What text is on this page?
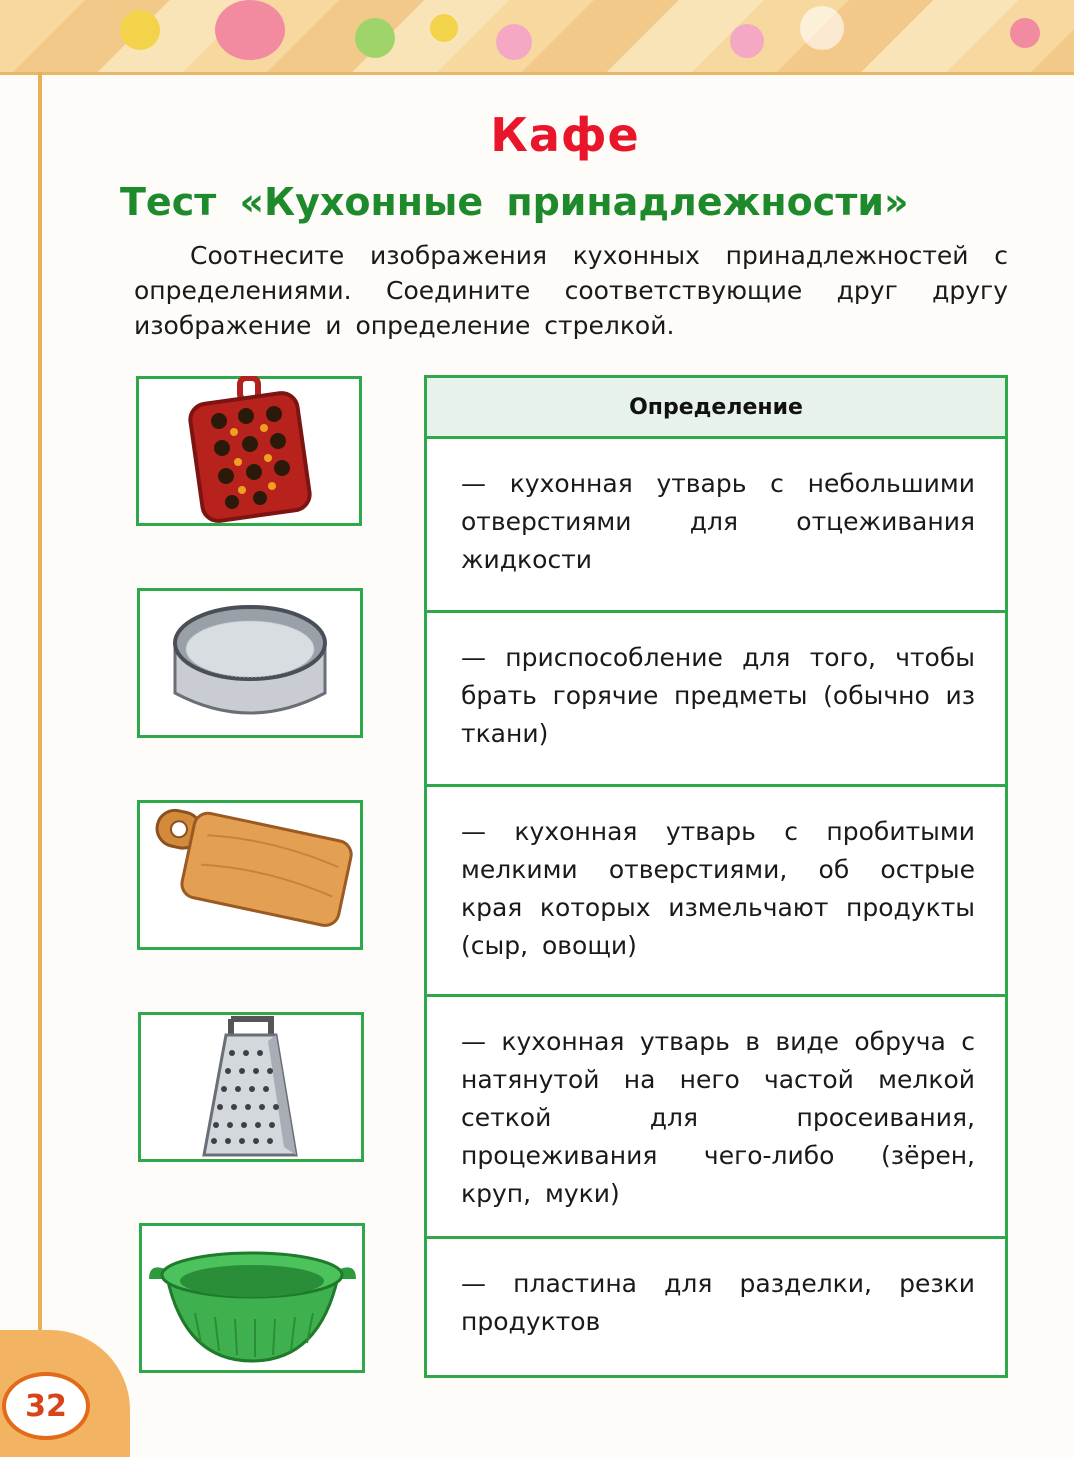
32
Кафе
Тест «Кухонные принадлежности»
Соотнесите изображения кухонных принадлежностей с определениями. Соедините соответствующие друг другу изображение и определение стрелкой.
Определение
— кухонная утварь с небольшими отверстиями для отцеживания жидкости
— приспособление для того, чтобы брать горячие предметы (обычно из ткани)
— кухонная утварь с пробитыми мелкими отверстиями, об острые края которых измельчают продукты (сыр, овощи)
— кухонная утварь в виде обруча с натянутой на него частой мелкой сеткой для просеивания, процеживания чего-либо (зёрен, круп, муки)
— пластина для разделки, резки продуктов
